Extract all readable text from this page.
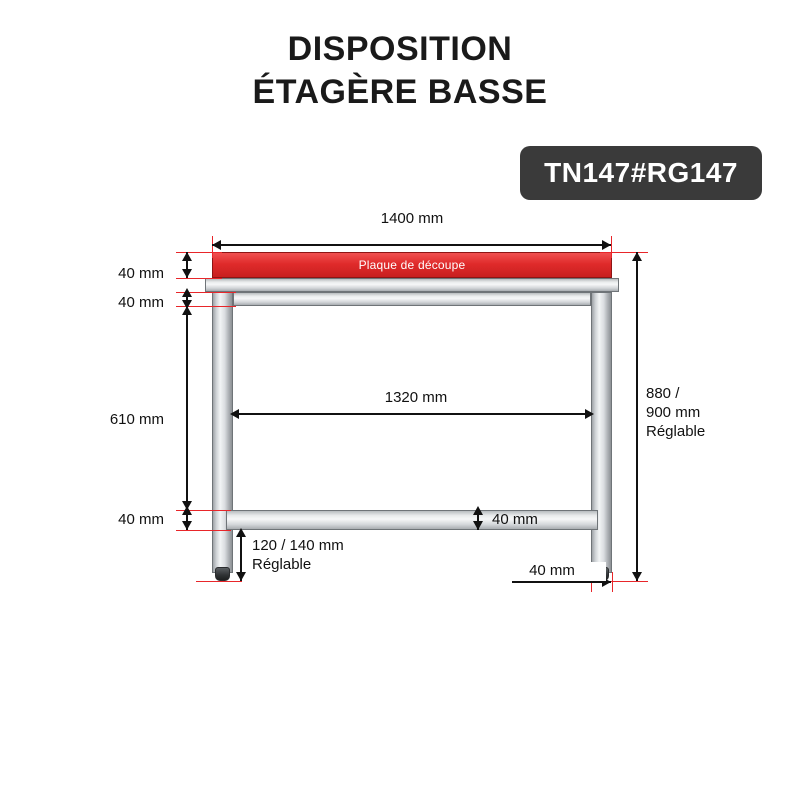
DISPOSITION
ÉTAGÈRE BASSE
TN147#RG147
Plaque de découpe
1400 mm
40 mm
40 mm
610 mm
40 mm
1320 mm	880 /
900 mm
Réglable
40 mm
120 / 140 mm
Réglable	40 mm
